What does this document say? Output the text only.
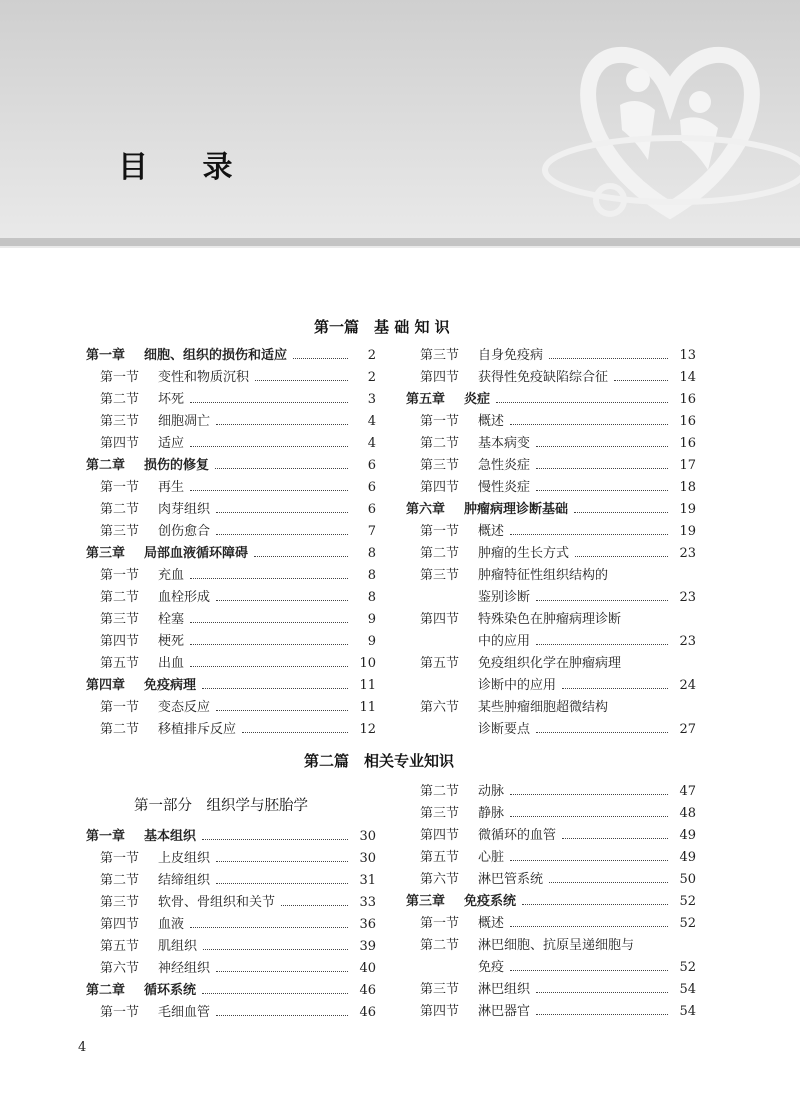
目 录
第一篇　基 础 知 识
第一章 细胞、组织的损伤和适应	2
第一节 变性和物质沉积	2
第二节 坏死	3
第三节 细胞凋亡	4
第四节 适应	4
第二章 损伤的修复	6
第一节 再生	6
第二节 肉芽组织	6
第三节 创伤愈合	7
第三章 局部血液循环障碍	8
第一节 充血	8
第二节 血栓形成	8
第三节 栓塞	9
第四节 梗死	9
第五节 出血	10
第四章 免疫病理	11
第一节 变态反应	11
第二节 移植排斥反应	12
第三节 自身免疫病	13
第四节 获得性免疫缺陷综合征	14
第五章 炎症	16
第一节 概述	16
第二节 基本病变	16
第三节 急性炎症	17
第四节 慢性炎症	18
第六章 肿瘤病理诊断基础	19
第一节 概述	19
第二节 肿瘤的生长方式	23
第三节 肿瘤特征性组织结构的
鉴别诊断	23
第四节 特殊染色在肿瘤病理诊断
中的应用	23
第五节 免疫组织化学在肿瘤病理
诊断中的应用	24
第六节 某些肿瘤细胞超微结构
诊断要点	27
第二篇　相关专业知识
第一部分　组织学与胚胎学
第一章 基本组织	30
第一节 上皮组织	30
第二节 结缔组织	31
第三节 软骨、骨组织和关节	33
第四节 血液	36
第五节 肌组织	39
第六节 神经组织	40
第二章 循环系统	46
第一节 毛细血管	46
第二节 动脉	47
第三节 静脉	48
第四节 微循环的血管	49
第五节 心脏	49
第六节 淋巴管系统	50
第三章 免疫系统	52
第一节 概述	52
第二节 淋巴细胞、抗原呈递细胞与
免疫	52
第三节 淋巴组织	54
第四节 淋巴器官	54
4
